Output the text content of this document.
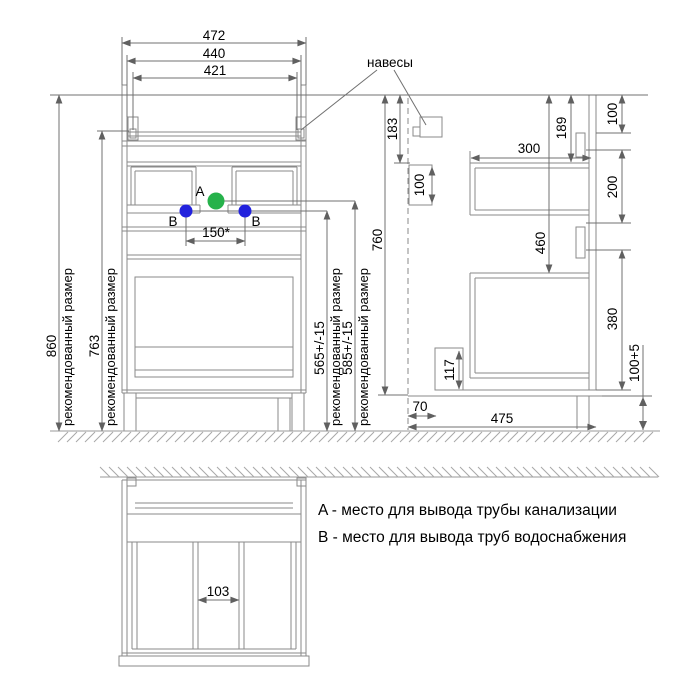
472
440
421
860 рекомендованный размер 763 рекомендованный размер	565+/-15 рекомендованный размер
585+/-15 рекомендованный размер
760
183
100
300
189
460
100
200
380
117	100+5
70
475
150*
103
навесы
A
B	B
A - место для вывода трубы канализации
B - место для вывода труб водоснабжения
